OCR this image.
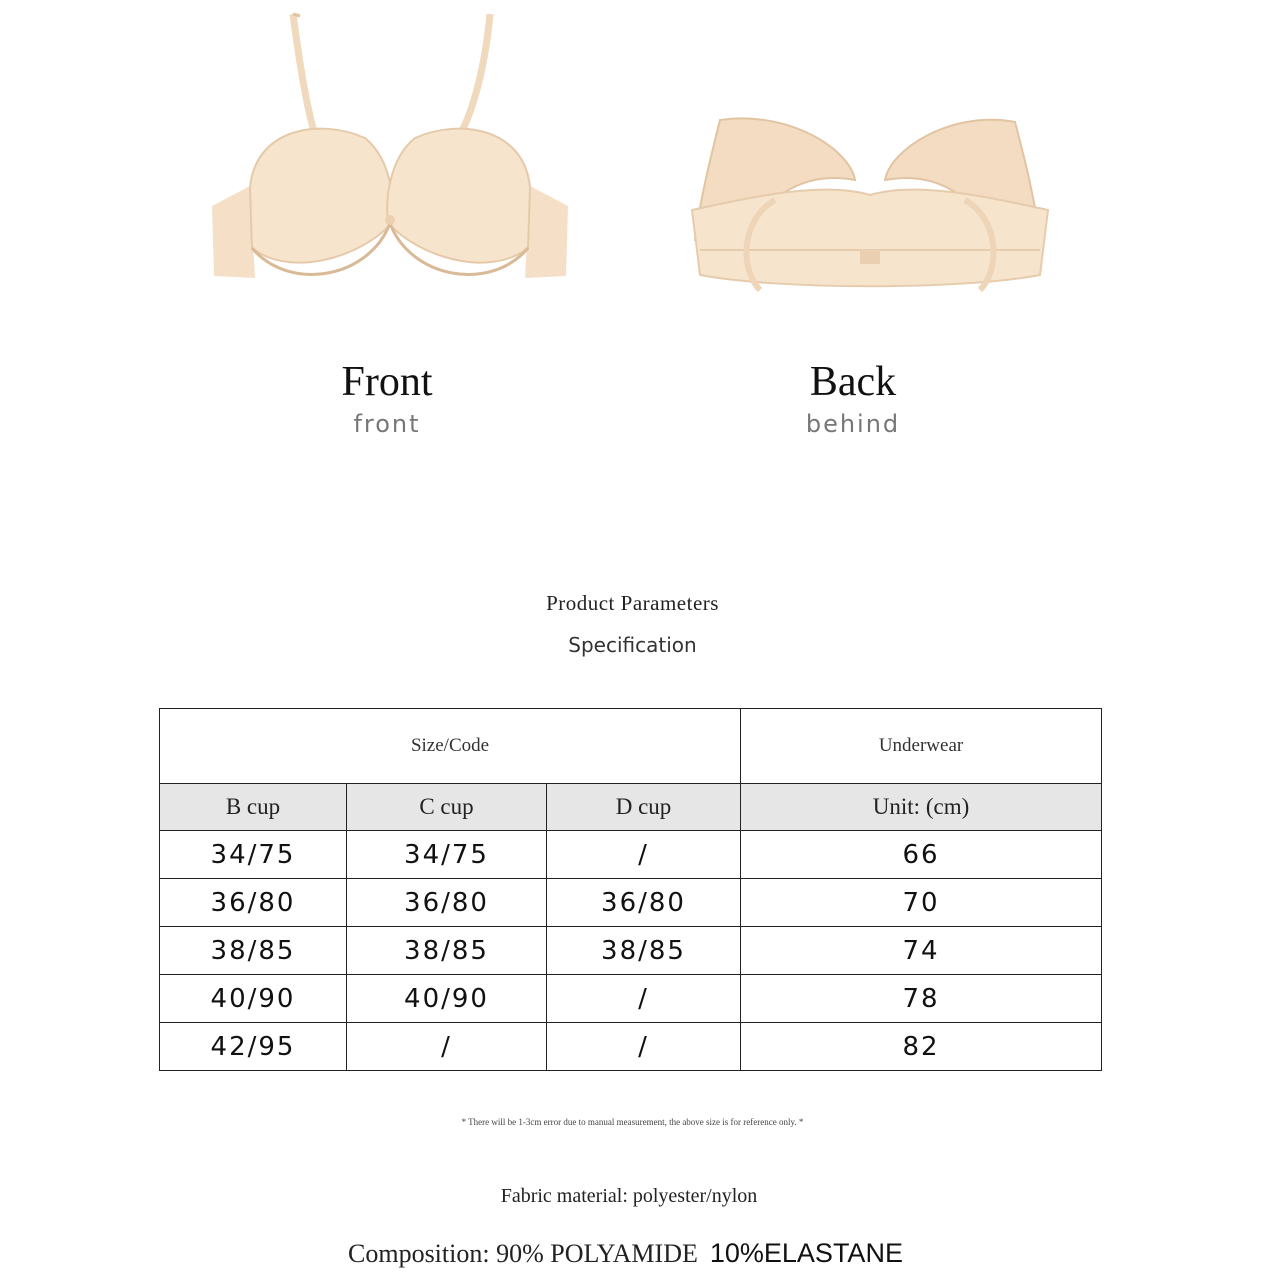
Front
front
Back
behind
Product Parameters
Specification
Size/Code			Underwear
B cup	C cup	D cup	Unit: (cm)
34/75	34/75	/	66
36/80	36/80	36/80	70
38/85	38/85	38/85	74
40/90	40/90	/	78
42/95	/	/	82
* There will be 1-3cm error due to manual measurement, the above size is for reference only. *
Fabric material: polyester/nylon
Composition: 90% POLYAMIDE 10%ELASTANE
